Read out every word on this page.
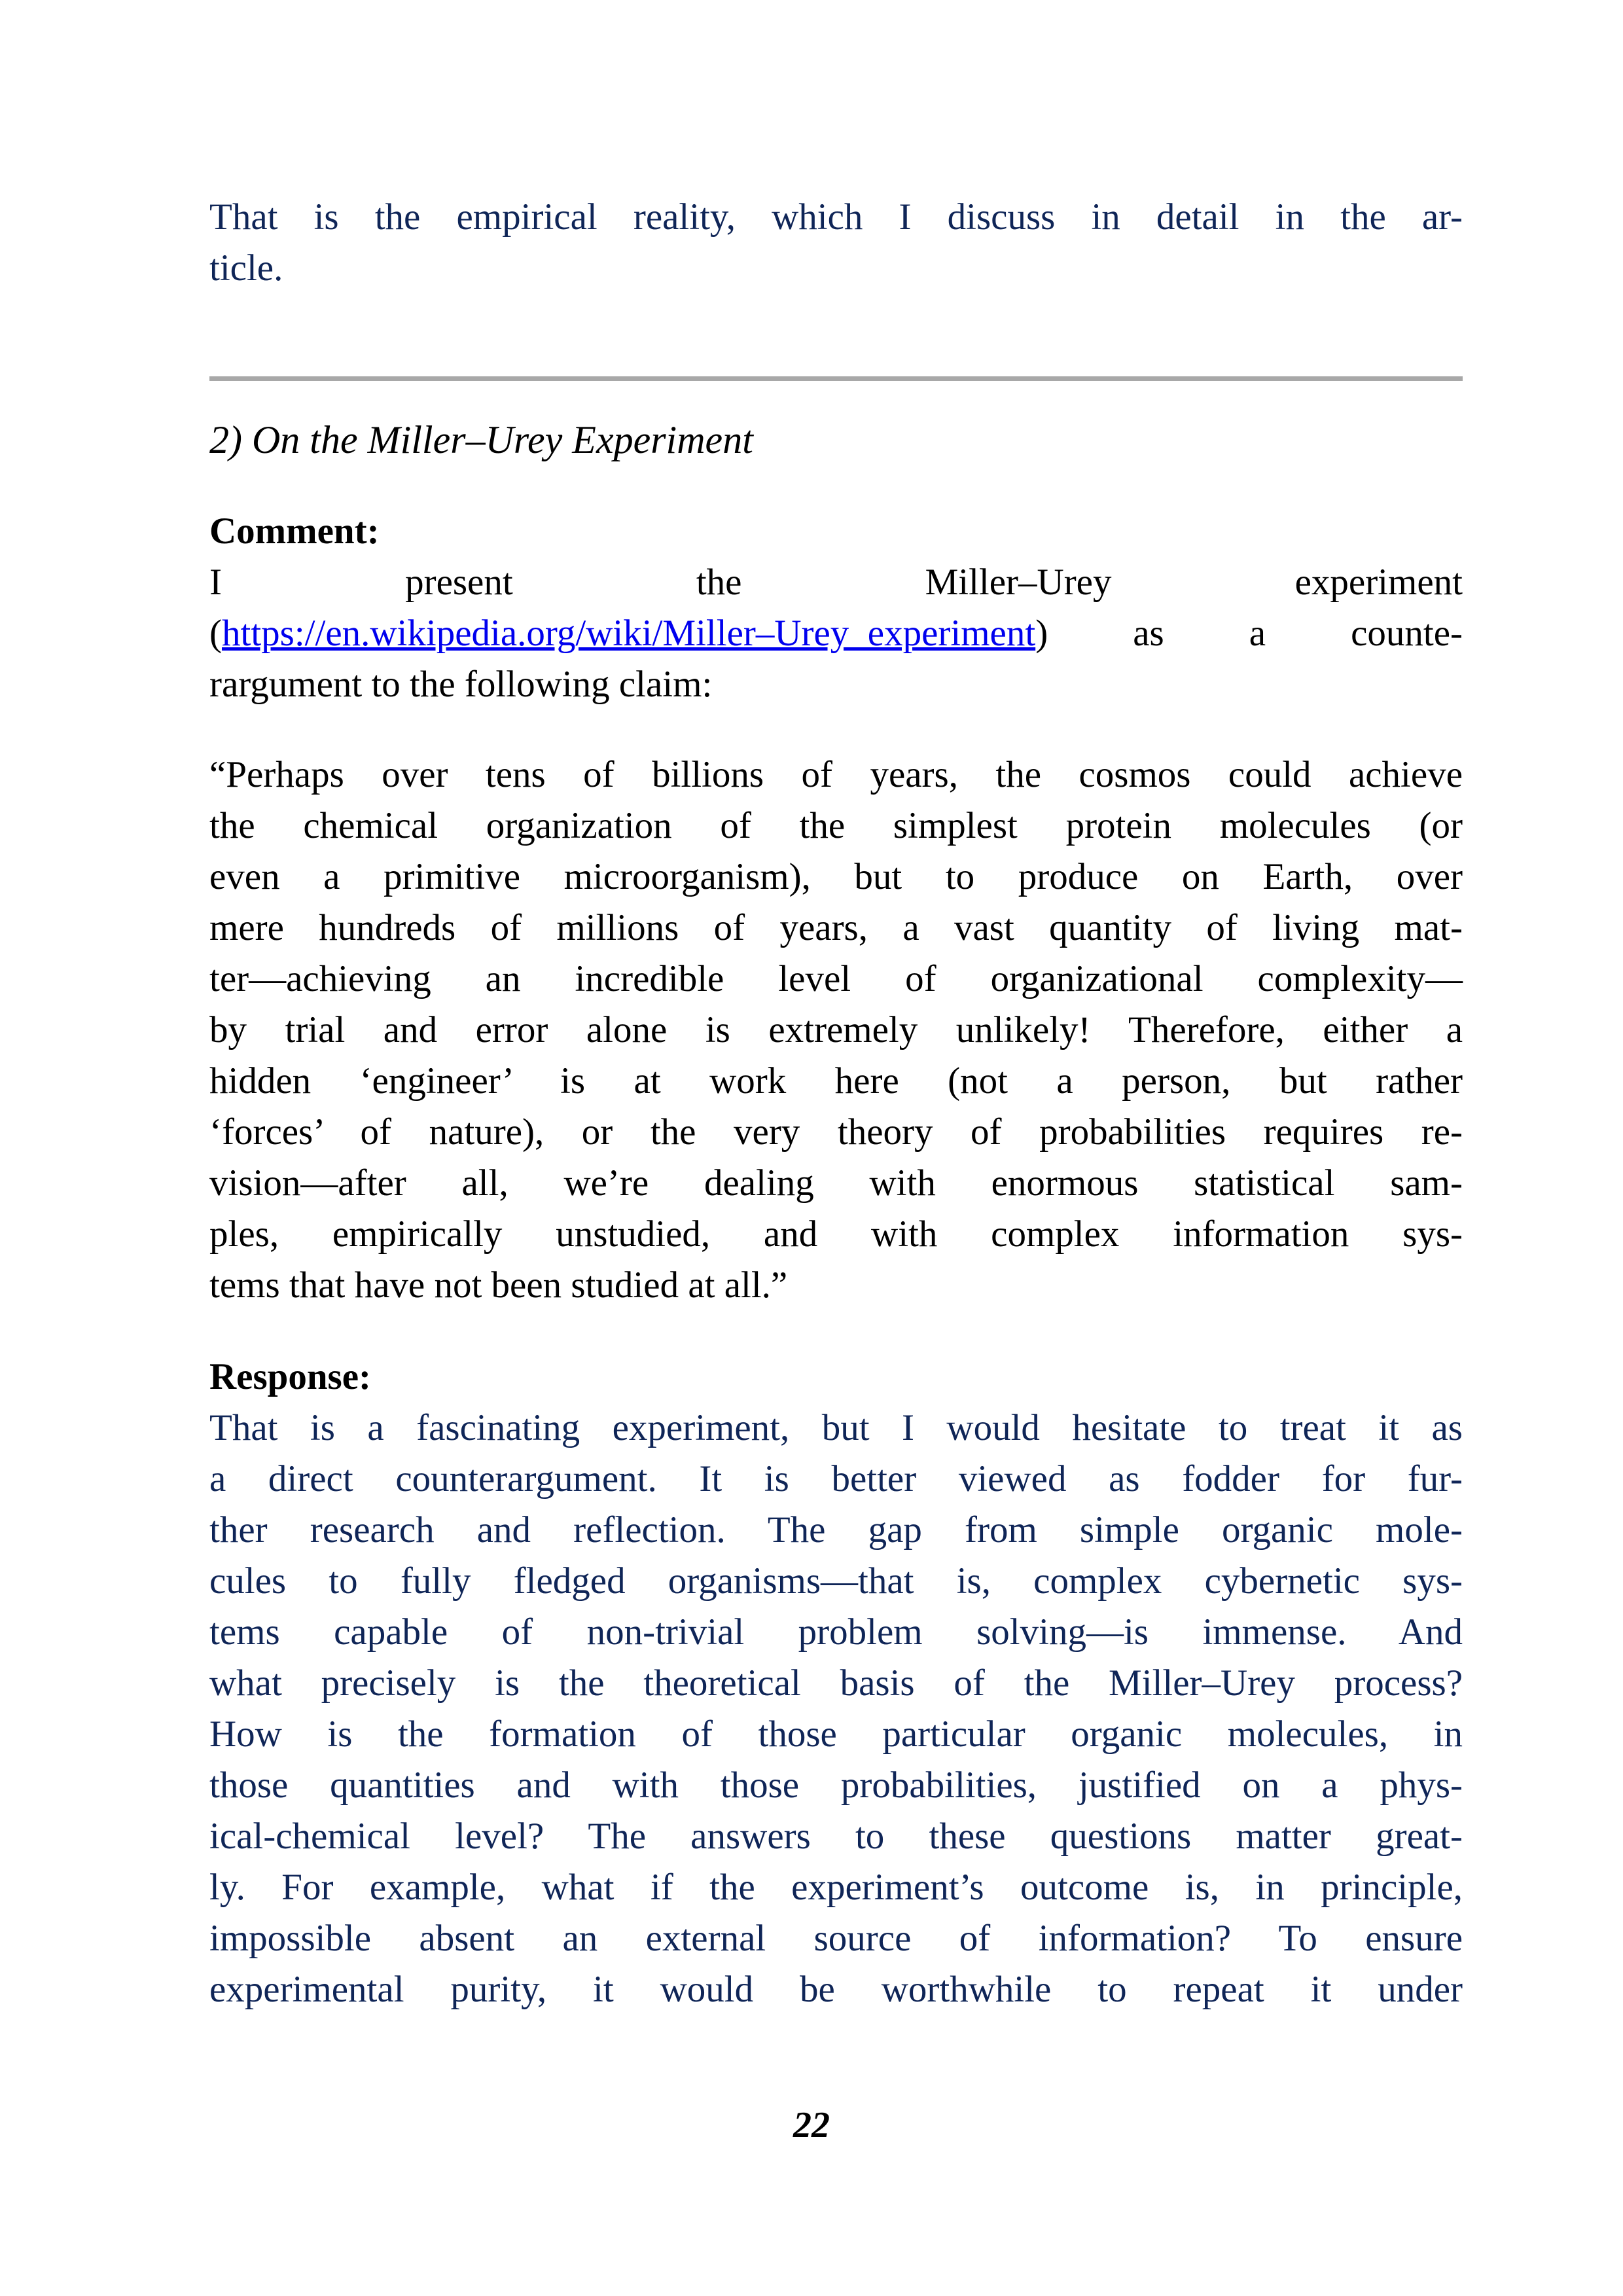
That is the empirical reality, which I discuss in detail in the ar-
ticle.
2) On the Miller–Urey Experiment
Comment:
I present the Miller–Urey experiment
(https://en.wikipedia.org/wiki/Miller–Urey_experiment) as a counte-
rargument to the following claim:
“Perhaps over tens of billions of years, the cosmos could achieve
the chemical organization of the simplest protein molecules (or
even a primitive microorganism), but to produce on Earth, over
mere hundreds of millions of years, a vast quantity of living mat-
ter—achieving an incredible level of organizational complexity—
by trial and error alone is extremely unlikely! Therefore, either a
hidden ‘engineer’ is at work here (not a person, but rather
‘forces’ of nature), or the very theory of probabilities requires re-
vision—after all, we’re dealing with enormous statistical sam-
ples, empirically unstudied, and with complex information sys-
tems that have not been studied at all.”
Response:
That is a fascinating experiment, but I would hesitate to treat it as
a direct counterargument. It is better viewed as fodder for fur-
ther research and reflection. The gap from simple organic mole-
cules to fully fledged organisms—that is, complex cybernetic sys-
tems capable of non-trivial problem solving—is immense. And
what precisely is the theoretical basis of the Miller–Urey process?
How is the formation of those particular organic molecules, in
those quantities and with those probabilities, justified on a phys-
ical-chemical level? The answers to these questions matter great-
ly. For example, what if the experiment’s outcome is, in principle,
impossible absent an external source of information? To ensure
experimental purity, it would be worthwhile to repeat it under
22
